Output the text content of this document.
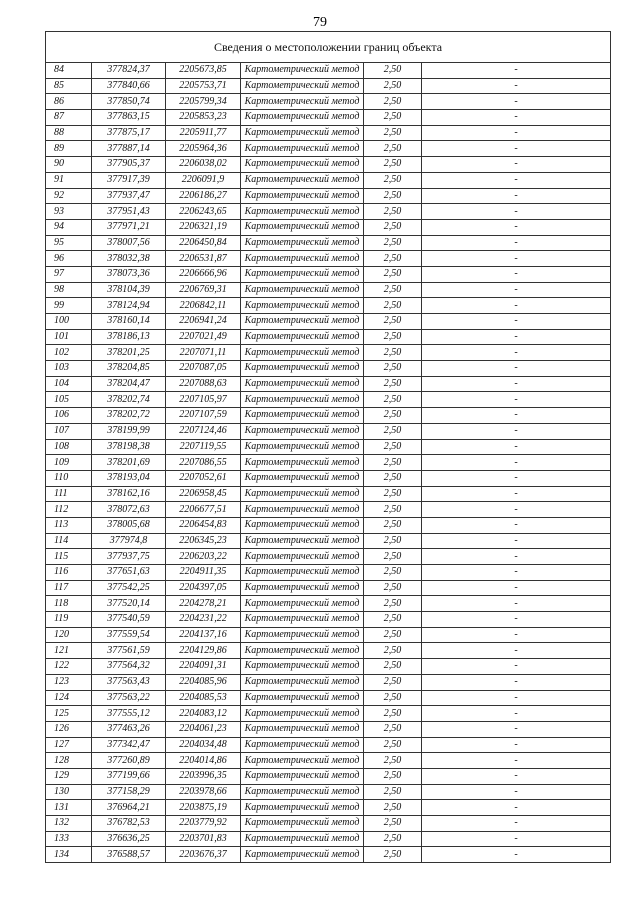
79
Сведения о местоположении границ объекта					
84	377824,37	2205673,85	Картометрический метод	2,50	-
85	377840,66	2205753,71	Картометрический метод	2,50	-
86	377850,74	2205799,34	Картометрический метод	2,50	-
87	377863,15	2205853,23	Картометрический метод	2,50	-
88	377875,17	2205911,77	Картометрический метод	2,50	-
89	377887,14	2205964,36	Картометрический метод	2,50	-
90	377905,37	2206038,02	Картометрический метод	2,50	-
91	377917,39	2206091,9	Картометрический метод	2,50	-
92	377937,47	2206186,27	Картометрический метод	2,50	-
93	377951,43	2206243,65	Картометрический метод	2,50	-
94	377971,21	2206321,19	Картометрический метод	2,50	-
95	378007,56	2206450,84	Картометрический метод	2,50	-
96	378032,38	2206531,87	Картометрический метод	2,50	-
97	378073,36	2206666,96	Картометрический метод	2,50	-
98	378104,39	2206769,31	Картометрический метод	2,50	-
99	378124,94	2206842,11	Картометрический метод	2,50	-
100	378160,14	2206941,24	Картометрический метод	2,50	-
101	378186,13	2207021,49	Картометрический метод	2,50	-
102	378201,25	2207071,11	Картометрический метод	2,50	-
103	378204,85	2207087,05	Картометрический метод	2,50	-
104	378204,47	2207088,63	Картометрический метод	2,50	-
105	378202,74	2207105,97	Картометрический метод	2,50	-
106	378202,72	2207107,59	Картометрический метод	2,50	-
107	378199,99	2207124,46	Картометрический метод	2,50	-
108	378198,38	2207119,55	Картометрический метод	2,50	-
109	378201,69	2207086,55	Картометрический метод	2,50	-
110	378193,04	2207052,61	Картометрический метод	2,50	-
111	378162,16	2206958,45	Картометрический метод	2,50	-
112	378072,63	2206677,51	Картометрический метод	2,50	-
113	378005,68	2206454,83	Картометрический метод	2,50	-
114	377974,8	2206345,23	Картометрический метод	2,50	-
115	377937,75	2206203,22	Картометрический метод	2,50	-
116	377651,63	2204911,35	Картометрический метод	2,50	-
117	377542,25	2204397,05	Картометрический метод	2,50	-
118	377520,14	2204278,21	Картометрический метод	2,50	-
119	377540,59	2204231,22	Картометрический метод	2,50	-
120	377559,54	2204137,16	Картометрический метод	2,50	-
121	377561,59	2204129,86	Картометрический метод	2,50	-
122	377564,32	2204091,31	Картометрический метод	2,50	-
123	377563,43	2204085,96	Картометрический метод	2,50	-
124	377563,22	2204085,53	Картометрический метод	2,50	-
125	377555,12	2204083,12	Картометрический метод	2,50	-
126	377463,26	2204061,23	Картометрический метод	2,50	-
127	377342,47	2204034,48	Картометрический метод	2,50	-
128	377260,89	2204014,86	Картометрический метод	2,50	-
129	377199,66	2203996,35	Картометрический метод	2,50	-
130	377158,29	2203978,66	Картометрический метод	2,50	-
131	376964,21	2203875,19	Картометрический метод	2,50	-
132	376782,53	2203779,92	Картометрический метод	2,50	-
133	376636,25	2203701,83	Картометрический метод	2,50	-
134	376588,57	2203676,37	Картометрический метод	2,50	-
